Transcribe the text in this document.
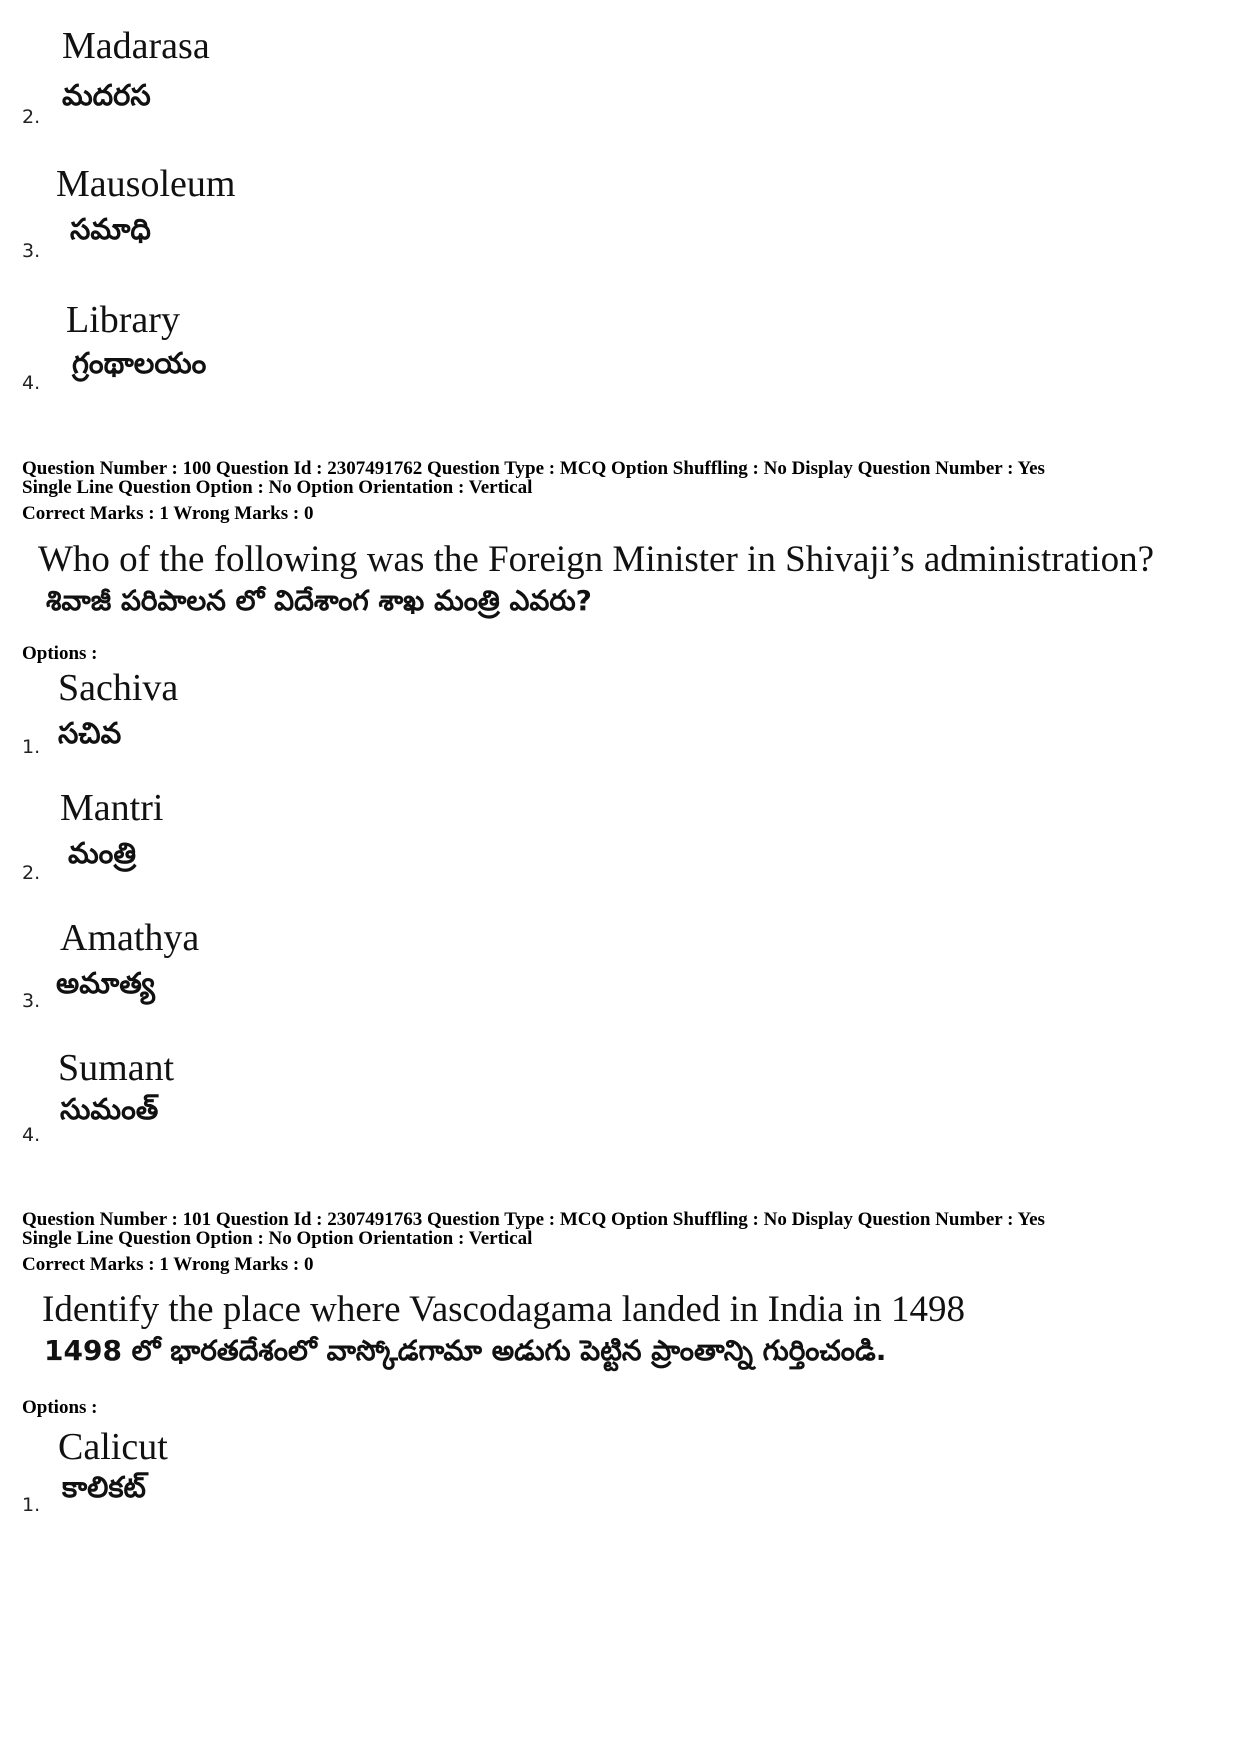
Madarasa
మదరస
2.
Mausoleum
సమాధి
3.
Library
గ్రంథాలయం
4.
Question Number : 100 Question Id : 2307491762 Question Type : MCQ Option Shuffling : No Display Question Number : Yes
Single Line Question Option : No Option Orientation : Vertical
Correct Marks : 1 Wrong Marks : 0
Who of the following was the Foreign Minister in Shivaji’s administration?
శివాజీ పరిపాలన లో విదేశాంగ శాఖ మంత్రి ఎవరు?
Options :
Sachiva
సచివ
1.
Mantri
మంత్రి
2.
Amathya
అమాత్య
3.
Sumant
సుమంత్
4.
Question Number : 101 Question Id : 2307491763 Question Type : MCQ Option Shuffling : No Display Question Number : Yes
Single Line Question Option : No Option Orientation : Vertical
Correct Marks : 1 Wrong Marks : 0
Identify the place where Vascodagama landed in India in 1498
1498 లో భారతదేశంలో వాస్కోడగామా అడుగు పెట్టిన ప్రాంతాన్ని గుర్తించండి.
Options :
Calicut
కాలికట్
1.
